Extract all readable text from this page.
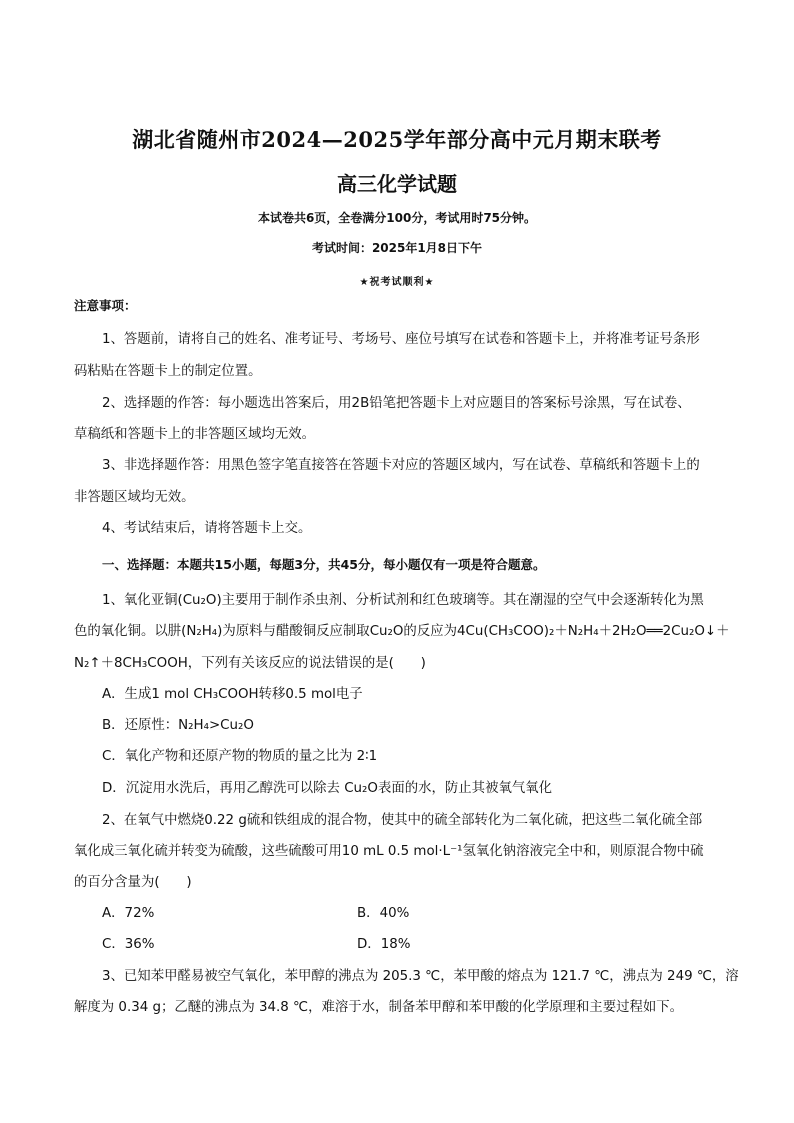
湖北省随州市2024—2025学年部分高中元月期末联考
高三化学试题
本试卷共6页，全卷满分100分，考试用时75分钟。
考试时间：2025年1月8日下午
★祝考试顺利★
注意事项：
1、答题前，请将自己的姓名、准考证号、考场号、座位号填写在试卷和答题卡上，并将准考证号条形
码粘贴在答题卡上的制定位置。
2、选择题的作答：每小题选出答案后，用2B铅笔把答题卡上对应题目的答案标号涂黑，写在试卷、
草稿纸和答题卡上的非答题区域均无效。
3、非选择题作答：用黑色签字笔直接答在答题卡对应的答题区域内，写在试卷、草稿纸和答题卡上的
非答题区域均无效。
4、考试结束后，请将答题卡上交。
一、选择题：本题共15小题，每题3分，共45分，每小题仅有一项是符合题意。
1、氧化亚铜(Cu₂O)主要用于制作杀虫剂、分析试剂和红色玻璃等。其在潮湿的空气中会逐渐转化为黑
色的氧化铜。以肼(N₂H₄)为原料与醋酸铜反应制取Cu₂O的反应为4Cu(CH₃COO)₂＋N₂H₄＋2H₂O══2Cu₂O↓＋
N₂↑＋8CH₃COOH，下列有关该反应的说法错误的是(　　)
A．生成1 mol CH₃COOH转移0.5 mol电子
B．还原性：N₂H₄>Cu₂O
C．氧化产物和还原产物的物质的量之比为 2∶1
D．沉淀用水洗后，再用乙醇洗可以除去 Cu₂O表面的水，防止其被氧气氧化
2、在氧气中燃烧0.22 g硫和铁组成的混合物，使其中的硫全部转化为二氧化硫，把这些二氧化硫全部
氧化成三氧化硫并转变为硫酸，这些硫酸可用10 mL 0.5 mol·L⁻¹氢氧化钠溶液完全中和，则原混合物中硫
的百分含量为(　　)
A．72%	B．40%
C．36%	D．18%
3、已知苯甲醛易被空气氧化，苯甲醇的沸点为 205.3 ℃，苯甲酸的熔点为 121.7 ℃，沸点为 249 ℃，溶
解度为 0.34 g；乙醚的沸点为 34.8 ℃，难溶于水，制备苯甲醇和苯甲酸的化学原理和主要过程如下。
